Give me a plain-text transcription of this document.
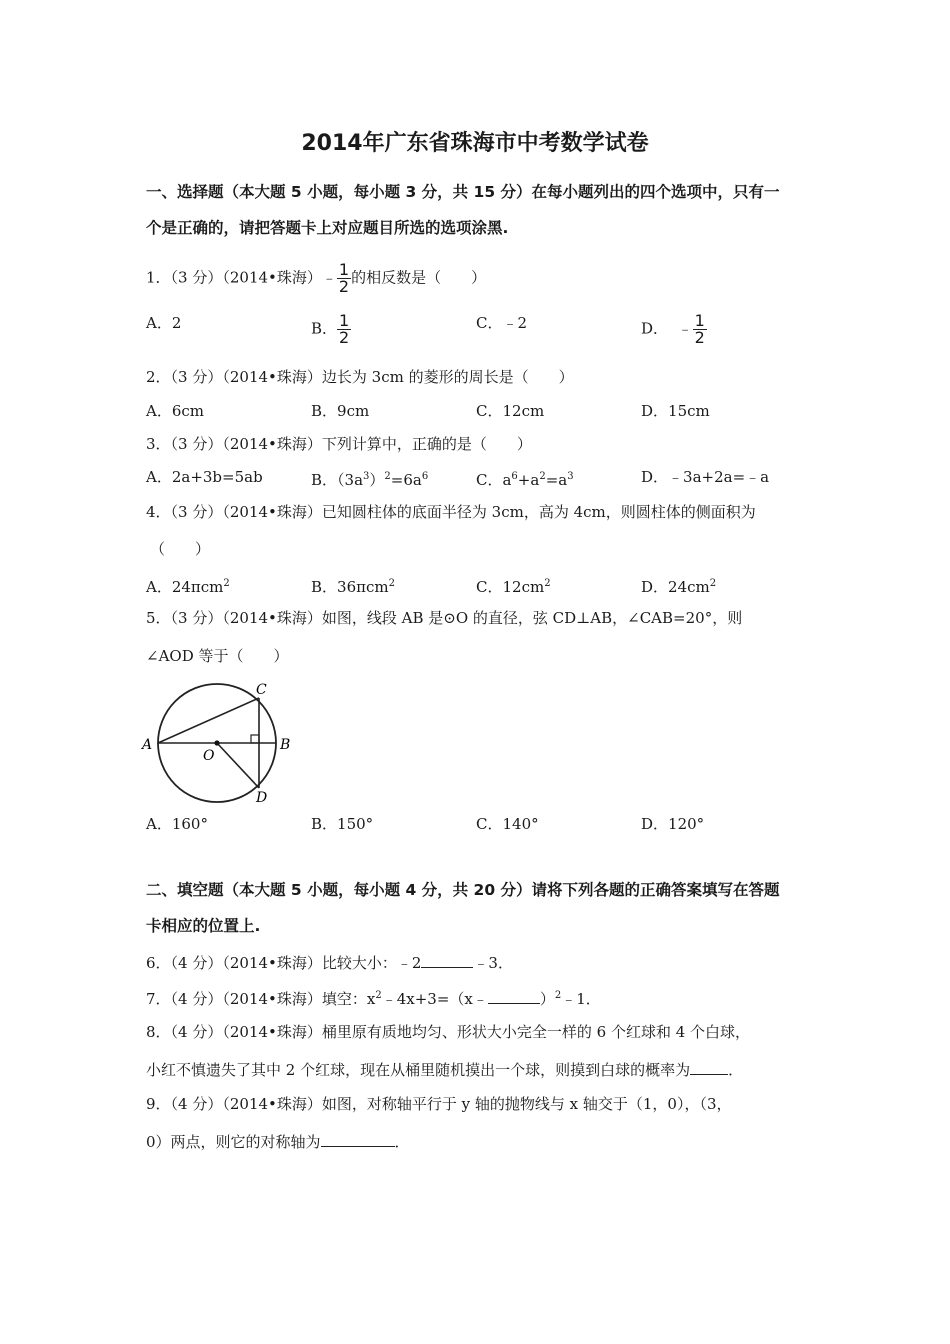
2014年广东省珠海市中考数学试卷
一、选择题（本大题 5 小题，每小题 3 分，共 15 分）在每小题列出的四个选项中，只有一
个是正确的，请把答题卡上对应题目所选的选项涂黑.
1．（3 分）（2014•珠海）﹣ $\frac{1}{2}$ 的相反数是（　　）
A．2	B． $\frac{1}{2}$	C．﹣2	D． ﹣ $\frac{1}{2}$
2．（3 分）（2014•珠海）边长为 3cm 的菱形的周长是（　　）
A．6cm	B．9cm	C．12cm	D．15cm
3．（3 分）（2014•珠海）下列计算中，正确的是（　　）
A．2a+3b=5ab	B．$(3a^3)^2=6a^6$	C．$a^6+a^2=a^3$	D．﹣3a+2a=﹣a
4．（3 分）（2014•珠海）已知圆柱体的底面半径为 3cm，高为 4cm，则圆柱体的侧面积为
（　　）
A．24πcm$^2$	B．36πcm$^2$	C．$12cm^2$	D．$24cm^2$
5．（3 分）（2014•珠海）如图，线段 AB 是⊙O 的直径，弦 CD⊥AB，∠CAB=20°，则
∠AOD 等于（　　）
A	B
C
D
O
A．160°	B．150°	C．140°	D．120°
二、填空题（本大题 5 小题，每小题 4 分，共 20 分）请将下列各题的正确答案填写在答题
卡相应的位置上.
6．（4 分）（2014•珠海）比较大小：﹣2	﹣3．
7．（4 分）（2014•珠海）填空：$x^2﹣4x+3=(x﹣$	）$^2$﹣1．
8．（4 分）（2014•珠海）桶里原有质地均匀、形状大小完全一样的 6 个红球和 4 个白球，
小红不慎遗失了其中 2 个红球，现在从桶里随机摸出一个球，则摸到白球的概率为	．
9．（4 分）（2014•珠海）如图，对称轴平行于 y 轴的抛物线与 x 轴交于（1，0），（3，
0）两点，则它的对称轴为	．
